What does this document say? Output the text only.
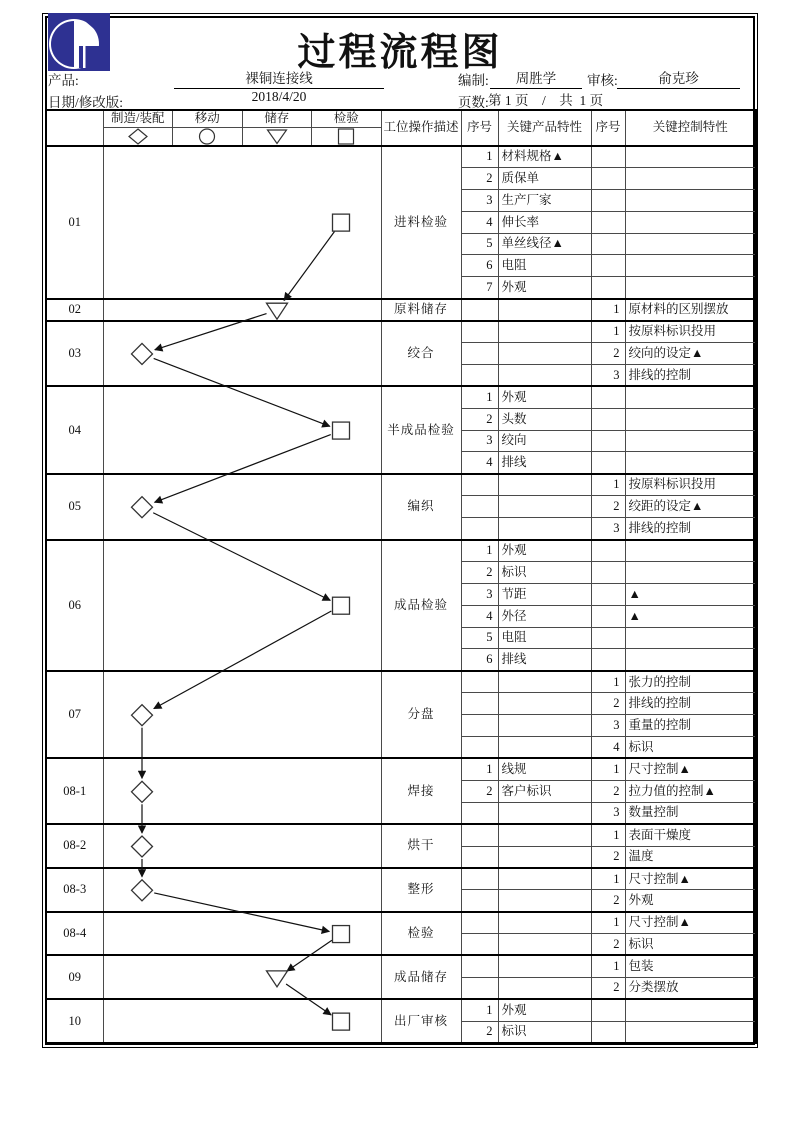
过程流程图
产品:	裸铜连接线	编制:	周胜学	审核:	俞克珍
日期/修改版:	2018/4/20	页数: 第 1 页    /    共  1 页
	制造/装配	移动	储存	检验	工位操作描述	序号	关键产品特性	序号	关键控制特性

01					进料检验	1	材料规格▲		
						2	质保单		
						3	生产厂家		
						4	伸长率		
						5	单丝线径▲		
						6	电阻		
						7	外观		
02					原料储存			1	原材料的区别摆放
03					绞合			1	按原料标识投用
								2	绞向的设定▲
								3	排线的控制
04					半成品检验	1	外观		
						2	头数		
						3	绞向		
						4	排线		
05					编织			1	按原料标识投用
								2	绞距的设定▲
								3	排线的控制
06					成品检验	1	外观		
						2	标识		
						3	节距		▲
						4	外径		▲
						5	电阻		
						6	排线		
07					分盘			1	张力的控制
								2	排线的控制
								3	重量的控制
								4	标识
08-1					焊接	1	线规	1	尺寸控制▲
						2	客户标识	2	拉力值的控制▲
								3	数量控制
08-2					烘干			1	表面干燥度
								2	温度
08-3					整形			1	尺寸控制▲
								2	外观
08-4					检验			1	尺寸控制▲
								2	标识
09					成品储存			1	包装
								2	分类摆放
10					出厂审核	1	外观		
						2	标识		
